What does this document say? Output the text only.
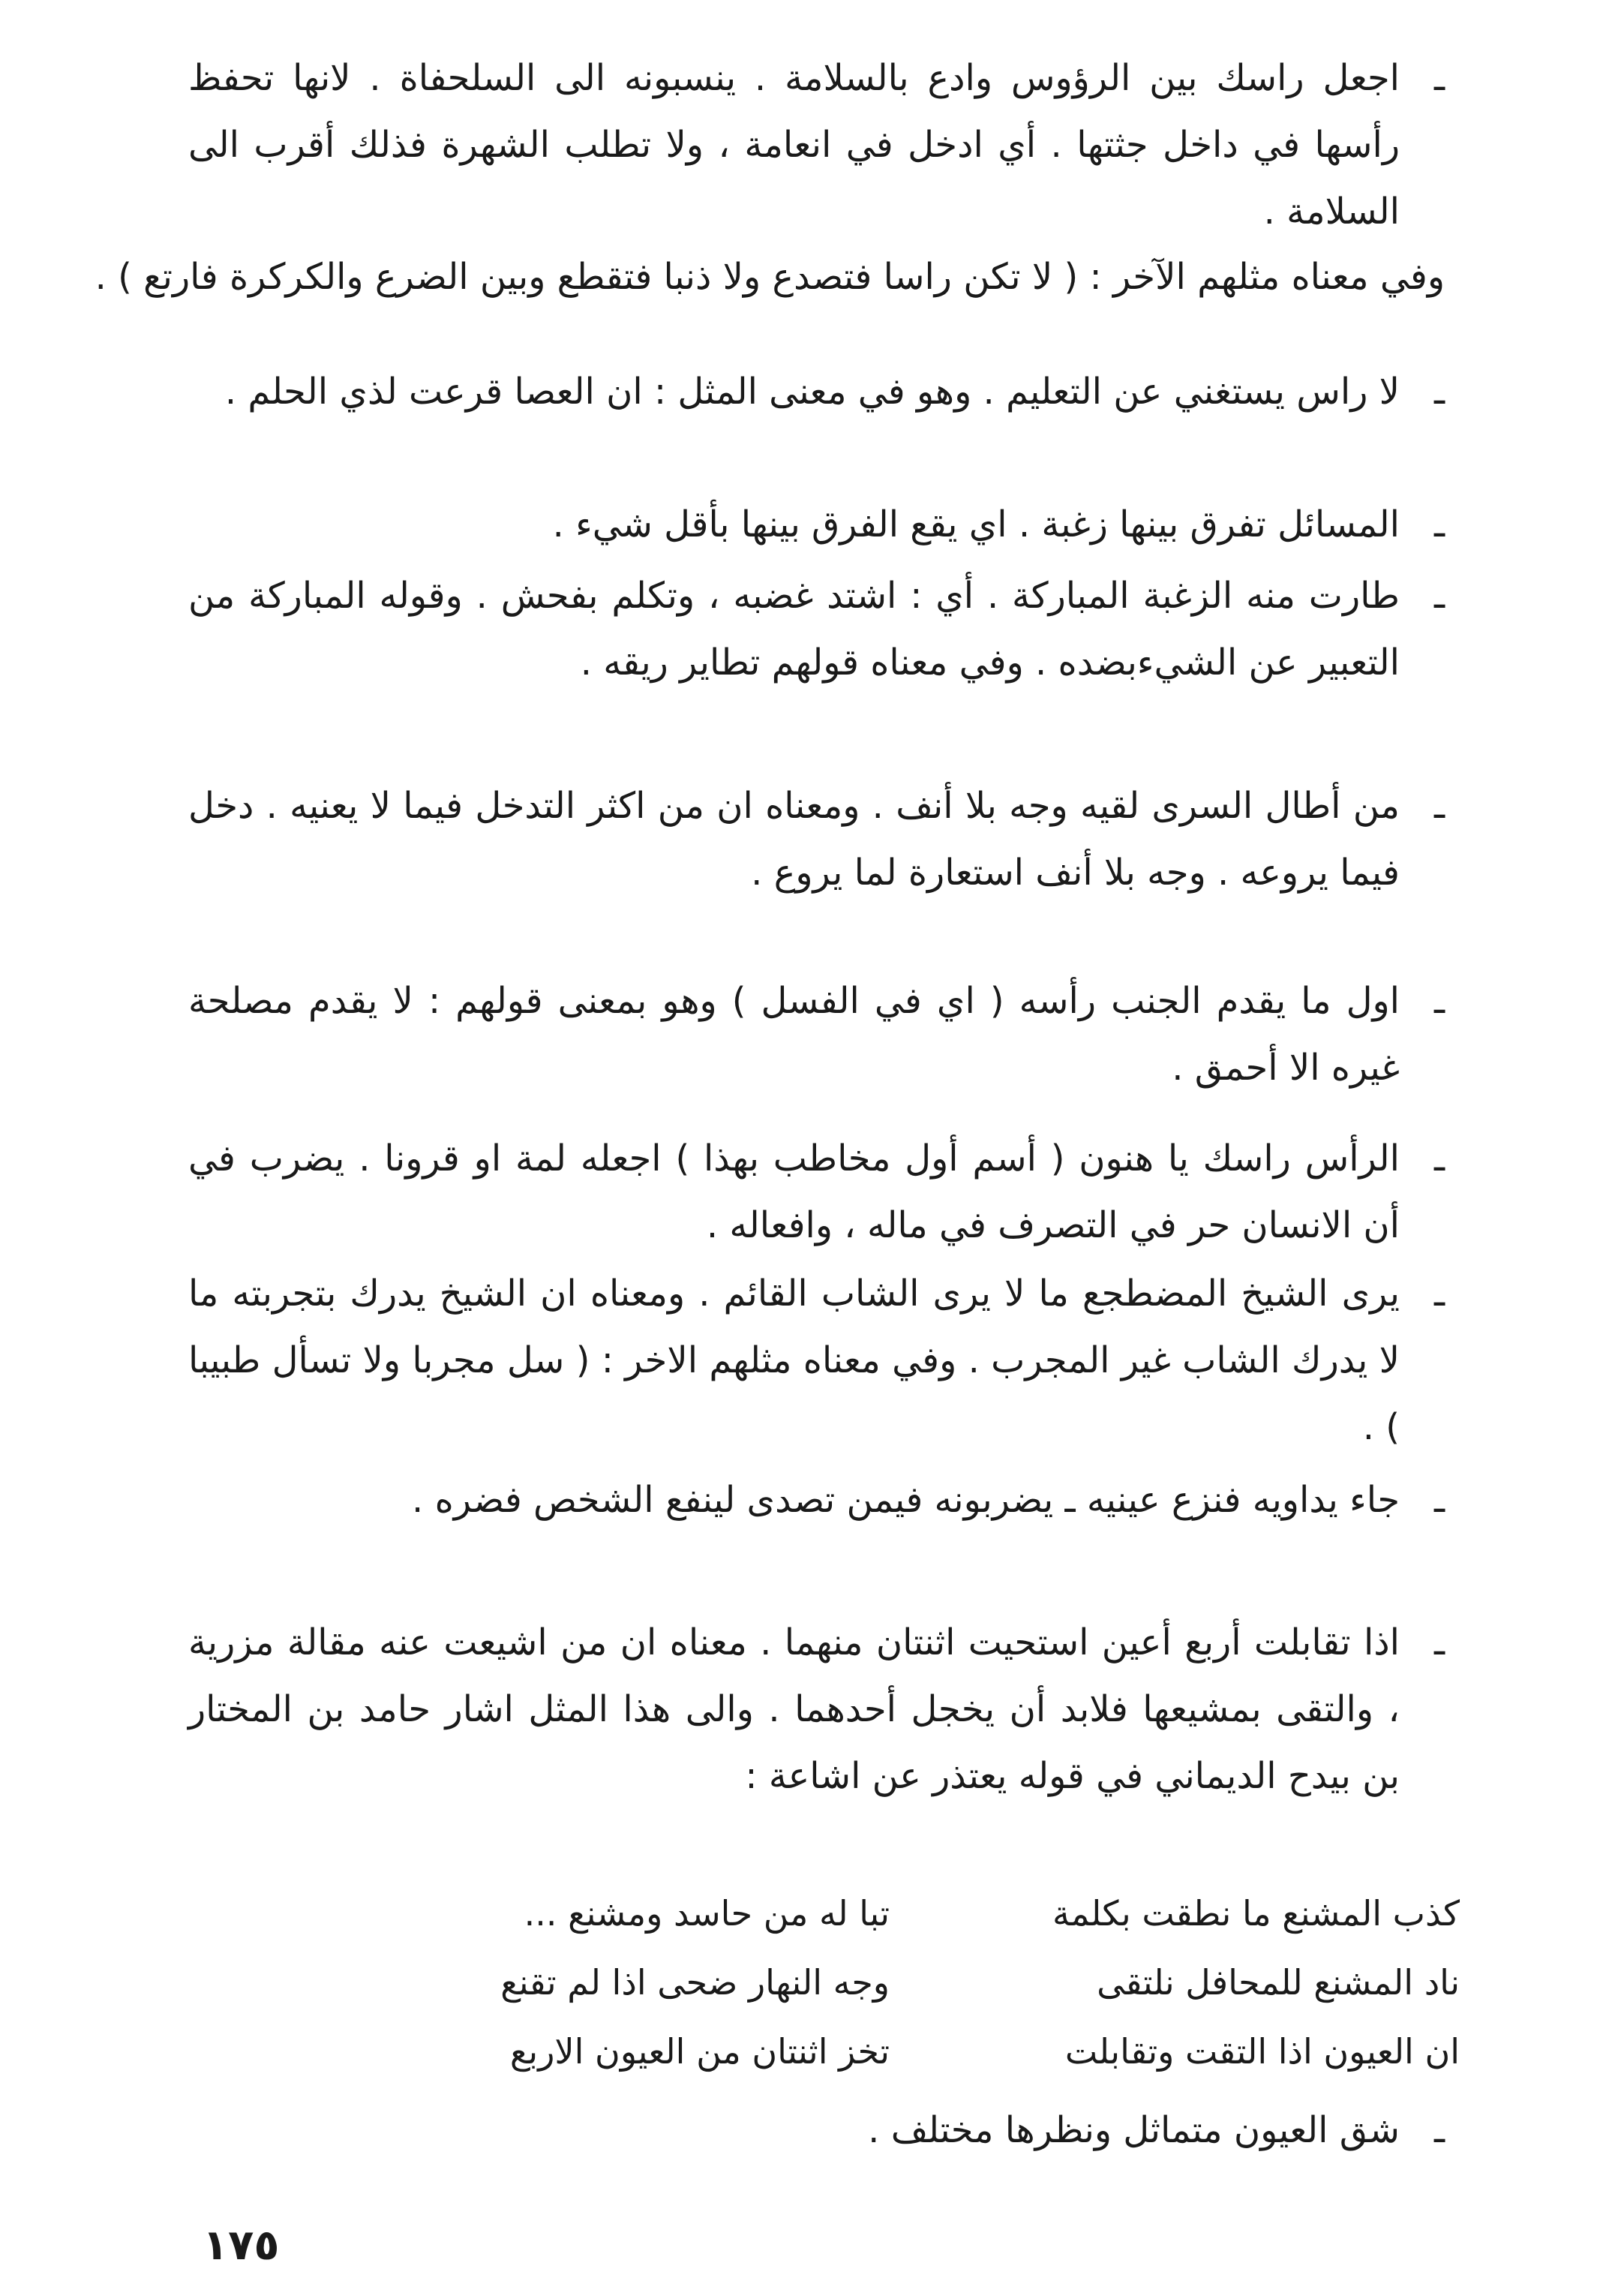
ـ
اجعل راسك بين الرؤوس وادع بالسلامة . ينسبونه الى السلحفاة . لانها تحفظ رأسها في داخل جثتها . أي ادخل في انعامة ، ولا تطلب الشهرة فذلك أقرب الى السلامة .
وفي معناه مثلهم الآخر : ( لا تكن راسا فتصدع ولا ذنبا فتقطع وبين الضرع والكركرة فارتع ) .
ـ
لا راس يستغني عن التعليم . وهو في معنى المثل : ان العصا قرعت لذي الحلم .
ـ
المسائل تفرق بينها زغبة . اي يقع الفرق بينها بأقل شيء .
ـ
طارت منه الزغبة المباركة . أي : اشتد غضبه ، وتكلم بفحش . وقوله المباركة من التعبير عن الشيءبضده . وفي معناه قولهم تطاير ريقه .
ـ
من أطال السرى لقيه وجه بلا أنف . ومعناه ان من اكثر التدخل فيما لا يعنيه . دخل فيما يروعه . وجه بلا أنف استعارة لما يروع .
ـ
اول ما يقدم الجنب رأسه ( اي في الفسل ) وهو بمعنى قولهم : لا يقدم مصلحة غيره الا أحمق .
ـ
الرأس راسك يا هنون ( أسم أول مخاطب بهذا ) اجعله لمة او قرونا . يضرب في أن الانسان حر في التصرف في ماله ، وافعاله .
ـ
يرى الشيخ المضطجع ما لا يرى الشاب القائم . ومعناه ان الشيخ يدرك بتجربته ما لا يدرك الشاب غير المجرب . وفي معناه مثلهم الاخر : ( سل مجربا ولا تسأل طبيبا ) .
ـ
جاء يداويه فنزع عينيه ـ يضربونه فيمن تصدى لينفع الشخص فضره .
ـ
اذا تقابلت أربع أعين استحيت اثنتان منهما . معناه ان من اشيعت عنه مقالة مزرية ، والتقى بمشيعها فلابد أن يخجل أحدهما . والى هذا المثل اشار حامد بن المختار بن بيدح الديماني في قوله يعتذر عن اشاعة :
كذب المشنع ما نطقت بكلمة
تبا له من حاسد ومشنع ...
ناد المشنع للمحافل نلتقى
وجه النهار ضحى اذا لم تقنع
ان العيون اذا التقت وتقابلت
تخز اثنتان من العيون الاربع
ـ
شق العيون متماثل ونظرها مختلف .
١٧٥
